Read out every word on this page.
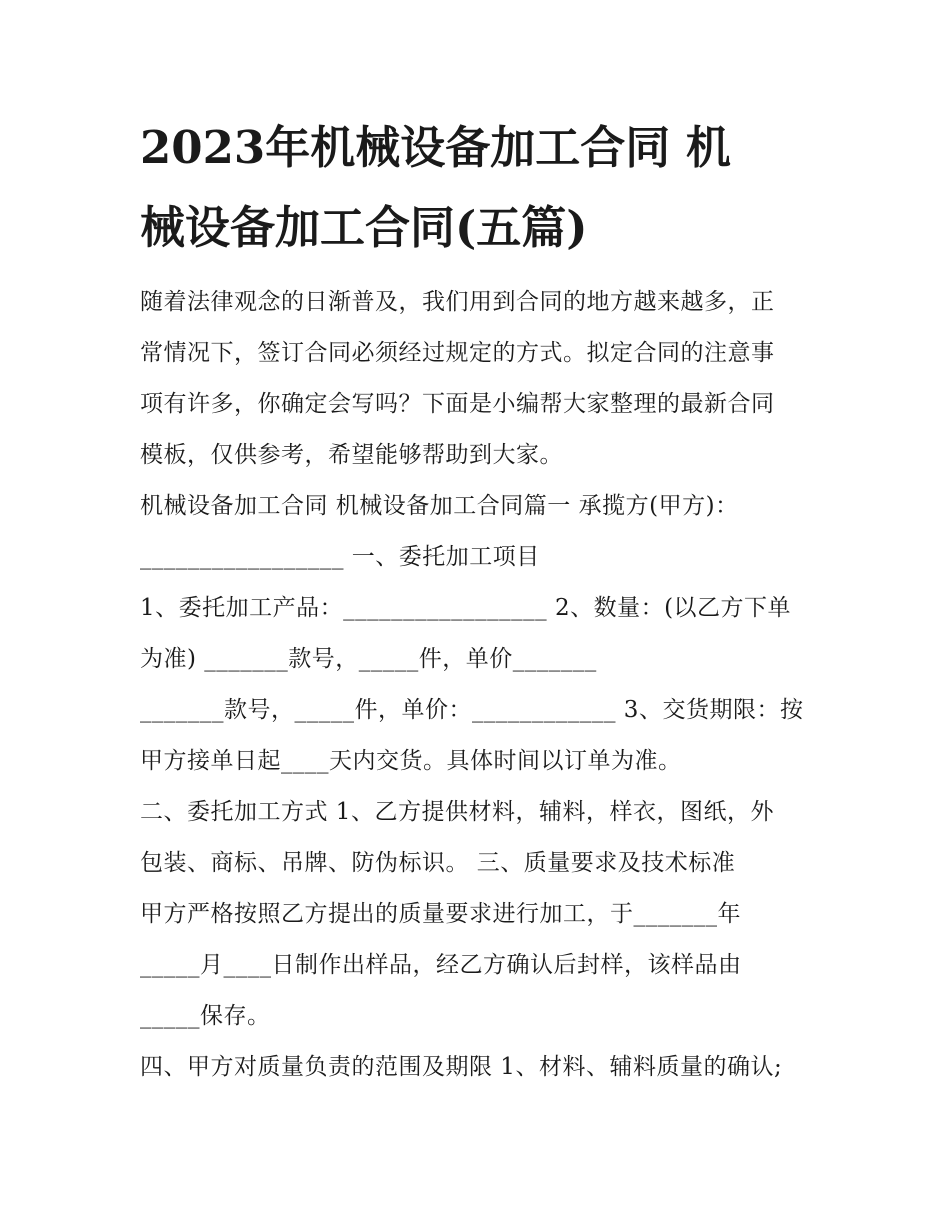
2023年机械设备加工合同 机
械设备加工合同(五篇)
随着法律观念的日渐普及，我们用到合同的地方越来越多，正
常情况下，签订合同必须经过规定的方式。拟定合同的注意事
项有许多，你确定会写吗？下面是小编帮大家整理的最新合同
模板，仅供参考，希望能够帮助到大家。
机械设备加工合同 机械设备加工合同篇一 承揽方(甲方)：
_________________ 一、委托加工项目
1、委托加工产品：_________________ 2、数量：(以乙方下单
为准) _______款号，_____件，单价_______
_______款号，_____件，单价：____________ 3、交货期限：按
甲方接单日起____天内交货。具体时间以订单为准。
二、委托加工方式 1、乙方提供材料，辅料，样衣，图纸，外
包装、商标、吊牌、防伪标识。 三、质量要求及技术标准
甲方严格按照乙方提出的质量要求进行加工，于_______年
_____月____日制作出样品，经乙方确认后封样，该样品由
_____保存。
四、甲方对质量负责的范围及期限 1、材料、辅料质量的确认;
